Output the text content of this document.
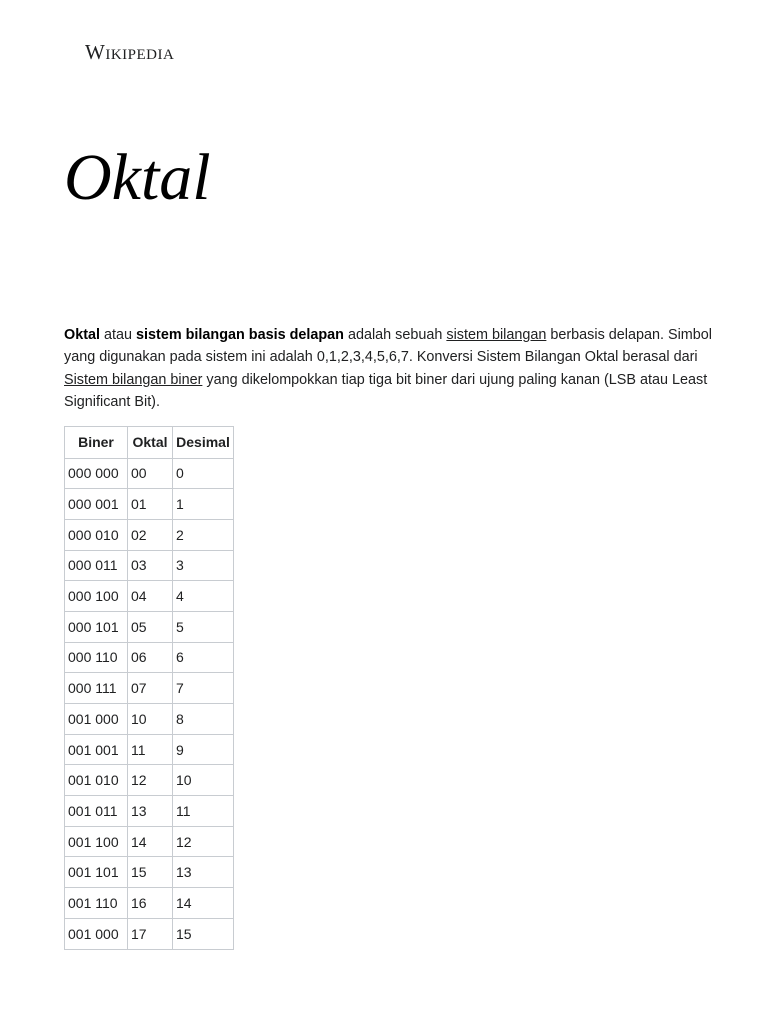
Wikipedia
Oktal

Oktal atau sistem bilangan basis delapan adalah sebuah sistem bilangan berbasis delapan. Simbol yang digunakan pada sistem ini adalah 0,1,2,3,4,5,6,7. Konversi Sistem Bilangan Oktal berasal dari Sistem bilangan biner yang dikelompokkan tiap tiga bit biner dari ujung paling kanan (LSB atau Least Significant Bit).

Biner	Oktal	Desimal
000 000	00	0
000 001	01	1
000 010	02	2
000 011	03	3
000 100	04	4
000 101	05	5
000 110	06	6
000 111	07	7
001 000	10	8
001 001	11	9
001 010	12	10
001 011	13	11
001 100	14	12
001 101	15	13
001 110	16	14
001 000	17	15
